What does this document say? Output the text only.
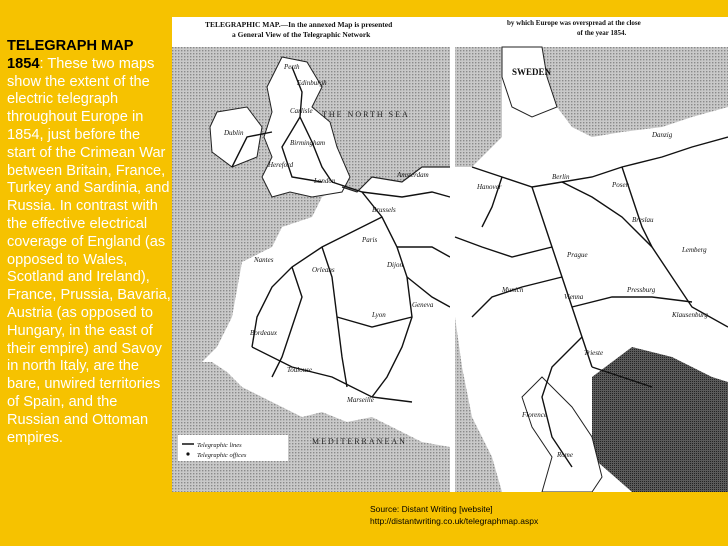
TELEGRAPH MAP
1854: These two maps show the extent of the electric telegraph throughout Europe in 1854, just before the start of the Crimean War between Britain, France, Turkey and Sardinia, and Russia. In contrast with the effective electrical coverage of England (as opposed to Wales, Scotland and Ireland), France, Prussia, Bavaria, Austria (as opposed to Hungary, in the east of their empire) and Savoy in north Italy, are the bare, unwired territories of Spain, and the Russian and Ottoman empires.
Perth
Edinburgh
Carlisle
Dublin
Birmingham
Hereford
London
Amsterdam
Brussels
Paris
Nantes
Orleans
Dijon
Geneva
Lyon
Bordeaux
Toulouse
Marseille
THE NORTH SEA
MEDITERRANEAN
TELEGRAPHIC MAP.—In the annexed Map is presented
a General View of the Telegraphic Network
Telegraphic lines
Telegraphic offices
Berlin
Hanover	Posen
Breslau
Munich
Vienna
Prague
Trieste
Florence
Rome
Danzig
Lemberg
Pressburg
Klausenburg
SWEDEN
by which Europe was overspread at the close
of the year 1854.
Source: Distant Writing [website]
http://distantwriting.co.uk/telegraphmap.aspx
